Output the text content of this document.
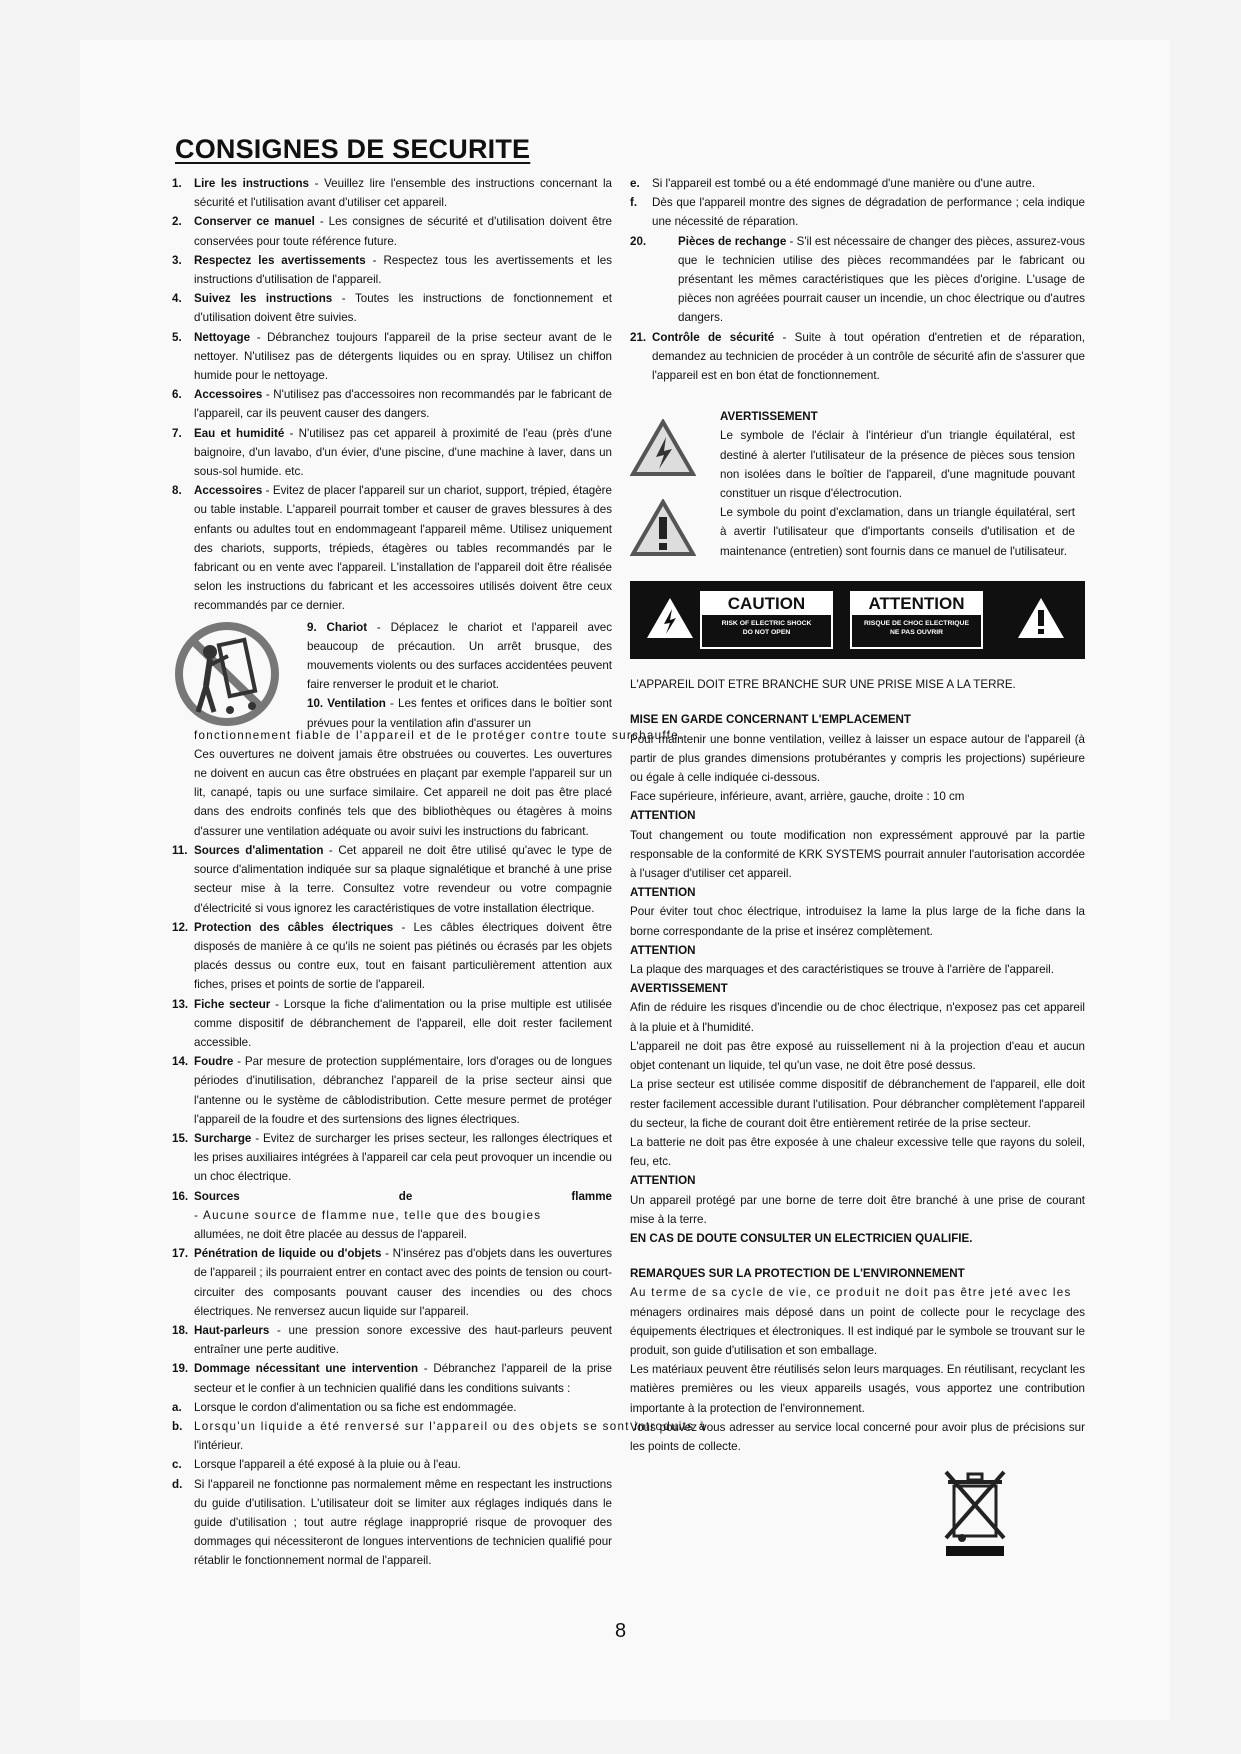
CONSIGNES DE SECURITE
1. Lire les instructions - Veuillez lire l'ensemble des instructions concernant la sécurité et l'utilisation avant d'utiliser cet appareil.
2. Conserver ce manuel - Les consignes de sécurité et d'utilisation doivent être conservées pour toute référence future.
3. Respectez les avertissements - Respectez tous les avertissements et les instructions d'utilisation de l'appareil.
4. Suivez les instructions - Toutes les instructions de fonctionnement et d'utilisation doivent être suivies.
5. Nettoyage - Débranchez toujours l'appareil de la prise secteur avant de le nettoyer. N'utilisez pas de détergents liquides ou en spray. Utilisez un chiffon humide pour le nettoyage.
6. Accessoires - N'utilisez pas d'accessoires non recommandés par le fabricant de l'appareil, car ils peuvent causer des dangers.
7. Eau et humidité - N'utilisez pas cet appareil à proximité de l'eau (près d'une baignoire, d'un lavabo, d'un évier, d'une piscine, d'une machine à laver, dans un sous-sol humide. etc.
8. Accessoires - Evitez de placer l'appareil sur un chariot, support, trépied, étagère ou table instable. L'appareil pourrait tomber et causer de graves blessures à des enfants ou adultes tout en endommageant l'appareil même. Utilisez uniquement des chariots, supports, trépieds, étagères ou tables recommandés par le fabricant ou en vente avec l'appareil. L'installation de l'appareil doit être réalisée selon les instructions du fabricant et les accessoires utilisés doivent être ceux recommandés par ce dernier.
9. Chariot - Déplacez le chariot et l'appareil avec beaucoup de précaution. Un arrêt brusque, des mouvements violents ou des surfaces accidentées peuvent faire renverser le produit et le chariot.
10. Ventilation - Les fentes et orifices dans le boîtier sont prévues pour la ventilation afin d'assurer un
fonctionnement fiable de l'appareil et de le protéger contre toute surchauffe.
Ces ouvertures ne doivent jamais être obstruées ou couvertes. Les ouvertures ne doivent en aucun cas être obstruées en plaçant par exemple l'appareil sur un lit, canapé, tapis ou une surface similaire. Cet appareil ne doit pas être placé dans des endroits confinés tels que des bibliothèques ou étagères à moins d'assurer une ventilation adéquate ou avoir suivi les instructions du fabricant.
11. Sources d'alimentation - Cet appareil ne doit être utilisé qu'avec le type de source d'alimentation indiquée sur sa plaque signalétique et branché à une prise secteur mise à la terre. Consultez votre revendeur ou votre compagnie d'électricité si vous ignorez les caractéristiques de votre installation électrique.
12. Protection des câbles électriques - Les câbles électriques doivent être disposés de manière à ce qu'ils ne soient pas piétinés ou écrasés par les objets placés dessus ou contre eux, tout en faisant particulièrement attention aux fiches, prises et points de sortie de l'appareil.
13. Fiche secteur - Lorsque la fiche d'alimentation ou la prise multiple est utilisée comme dispositif de débranchement de l'appareil, elle doit rester facilement accessible.
14. Foudre - Par mesure de protection supplémentaire, lors d'orages ou de longues périodes d'inutilisation, débranchez l'appareil de la prise secteur ainsi que l'antenne ou le système de câblodistribution. Cette mesure permet de protéger l'appareil de la foudre et des surtensions des lignes électriques.
15. Surcharge - Evitez de surcharger les prises secteur, les rallonges électriques et les prises auxiliaires intégrées à l'appareil car cela peut provoquer un incendie ou un choc électrique.
16. Sources de flamme - Aucune source de flamme nue, telle que des bougies
allumées, ne doit être placée au dessus de l'appareil.
17. Pénétration de liquide ou d'objets - N'insérez pas d'objets dans les ouvertures de l'appareil ; ils pourraient entrer en contact avec des points de tension ou court-circuiter des composants pouvant causer des incendies ou des chocs électriques. Ne renversez aucun liquide sur l'appareil.
18. Haut-parleurs - une pression sonore excessive des haut-parleurs peuvent entraîner une perte auditive.
19. Dommage nécessitant une intervention - Débranchez l'appareil de la prise secteur et le confier à un technicien qualifié dans les conditions suivants :
a. Lorsque le cordon d'alimentation ou sa fiche est endommagée.
b. Lorsqu'un liquide a été renversé sur l'appareil ou des objets se sont introduits à
l'intérieur.
c. Lorsque l'appareil a été exposé à la pluie ou à l'eau.
d. Si l'appareil ne fonctionne pas normalement même en respectant les instructions du guide d'utilisation. L'utilisateur doit se limiter aux réglages indiqués dans le guide d'utilisation ; tout autre réglage inapproprié risque de provoquer des dommages qui nécessiteront de longues interventions de technicien qualifié pour rétablir le fonctionnement normal de l'appareil.
e. Si l'appareil est tombé ou a été endommagé d'une manière ou d'une autre.
f. Dès que l'appareil montre des signes de dégradation de performance ; cela indique une nécessité de réparation.
20.	Pièces de rechange - S'il est nécessaire de changer des pièces, assurez-vous que le technicien utilise des pièces recommandées par le fabricant ou présentant les mêmes caractéristiques que les pièces d'origine. L'usage de pièces non agréées pourrait causer un incendie, un choc électrique ou d'autres dangers.
21. Contrôle de sécurité - Suite à tout opération d'entretien et de réparation, demandez au technicien de procéder à un contrôle de sécurité afin de s'assurer que l'appareil est en bon état de fonctionnement.
AVERTISSEMENT
Le symbole de l'éclair à l'intérieur d'un triangle équilatéral, est destiné à alerter l'utilisateur de la présence de pièces sous tension non isolées dans le boîtier de l'appareil, d'une magnitude pouvant constituer un risque d'électrocution.
Le symbole du point d'exclamation, dans un triangle équilatéral, sert à avertir l'utilisateur que d'importants conseils d'utilisation et de maintenance (entretien) sont fournis dans ce manuel de l'utilisateur.
CAUTION
RISK OF ELECTRIC SHOCK
DO NOT OPEN
ATTENTION
RISQUE DE CHOC ELECTRIQUE
NE PAS OUVRIR
L'APPAREIL DOIT ETRE BRANCHE SUR UNE PRISE MISE A LA TERRE.
MISE EN GARDE CONCERNANT L'EMPLACEMENT
Pour maintenir une bonne ventilation, veillez à laisser un espace autour de l'appareil (à partir de plus grandes dimensions protubérantes y compris les projections) supérieure ou égale à celle indiquée ci-dessous.
Face supérieure, inférieure, avant, arrière, gauche, droite : 10 cm
ATTENTION
Tout changement ou toute modification non expressément approuvé par la partie responsable de la conformité de KRK SYSTEMS pourrait annuler l'autorisation accordée à l'usager d'utiliser cet appareil.
ATTENTION
Pour éviter tout choc électrique, introduisez la lame la plus large de la fiche dans la borne correspondante de la prise et insérez complètement.
ATTENTION
La plaque des marquages et des caractéristiques se trouve à l'arrière de l'appareil.
AVERTISSEMENT
Afin de réduire les risques d'incendie ou de choc électrique, n'exposez pas cet appareil à la pluie et à l'humidité.
L'appareil ne doit pas être exposé au ruissellement ni à la projection d'eau et aucun objet contenant un liquide, tel qu'un vase, ne doit être posé dessus.
La prise secteur est utilisée comme dispositif de débranchement de l'appareil, elle doit rester facilement accessible durant l'utilisation. Pour débrancher complètement l'appareil du secteur, la fiche de courant doit être entièrement retirée de la prise secteur.
La batterie ne doit pas être exposée à une chaleur excessive telle que rayons du soleil, feu, etc.
ATTENTION
Un appareil protégé par une borne de terre doit être branché à une prise de courant mise à la terre.
EN CAS DE DOUTE CONSULTER UN ELECTRICIEN QUALIFIE.
REMARQUES SUR LA PROTECTION DE L'ENVIRONNEMENT
Au terme de sa cycle de vie, ce produit ne doit pas être jeté avec les
ménagers ordinaires mais déposé dans un point de collecte pour le recyclage des équipements électriques et électroniques. Il est indiqué par le symbole se trouvant sur le produit, son guide d'utilisation et son emballage.
Les matériaux peuvent être réutilisés selon leurs marquages. En réutilisant, recyclant les matières premières ou les vieux appareils usagés, vous apportez une contribution importante à la protection de l'environnement.
Vous pouvez vous adresser au service local concerné pour avoir plus de précisions sur les points de collecte.
8
